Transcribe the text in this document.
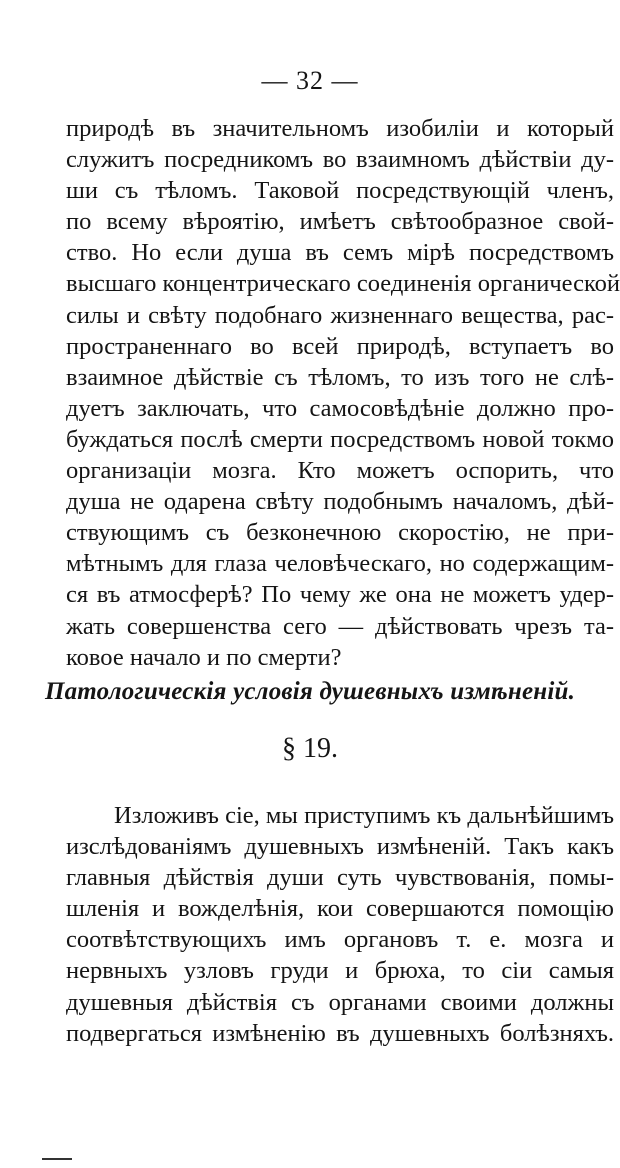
— 32 —
природѣ въ значительномъ изобиліи и который
служитъ посредникомъ во взаимномъ дѣйствіи ду-
ши съ тѣломъ. Таковой посредствующій членъ,
по всему вѣроятію, имѣетъ свѣтообразное свой-
ство. Но если душа въ семъ мірѣ посредствомъ
высшаго концентрическаго соединенія органической
силы и свѣту подобнаго жизненнаго вещества, рас-
пространеннаго во всей природѣ, вступаетъ во
взаимное дѣйствіе съ тѣломъ, то изъ того не слѣ-
дуетъ заключать, что самосовѣдѣніе должно про-
буждаться послѣ смерти посредствомъ новой токмо
организаціи мозга. Кто можетъ оспорить, что
душа не одарена свѣту подобнымъ началомъ, дѣй-
ствующимъ съ безконечною скоростію, не при-
мѣтнымъ для глаза человѣческаго, но содержащим-
ся въ атмосферѣ? По чему же она не можетъ удер-
жать совершенства сего — дѣйствовать чрезъ та-
ковое начало и по смерти?
Патологическія условія душевныхъ измѣненій.
§ 19.
Изложивъ сіе, мы приступимъ къ дальнѣйшимъ
изслѣдованіямъ душевныхъ измѣненій. Такъ какъ
главныя дѣйствія души суть чувствованія, помы-
шленія и вожделѣнія, кои совершаются помощію
соотвѣтствующихъ имъ органовъ т. е. мозга и
нервныхъ узловъ груди и брюха, то сіи самыя
душевныя дѣйствія съ органами своими должны
подвергаться измѣненію въ душевныхъ болѣзняхъ.
